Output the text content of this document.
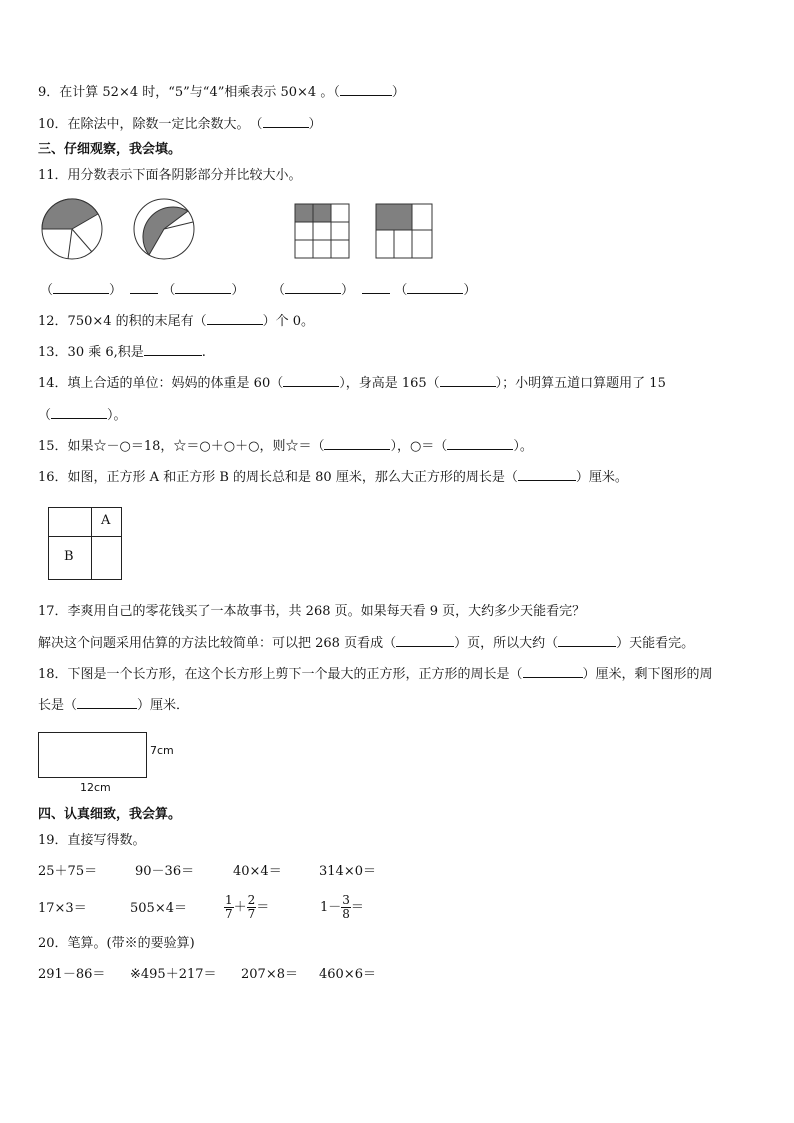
9．在计算 52×4 时，“5”与“4”相乘表示 50×4 。（	）
10．在除法中，除数一定比余数大。　（	）
三、仔细观察，我会填。
11．用分数表示下面各阴影部分并比较大小。
（	）	（	） （	）	（	）
12．750×4 的积的末尾有（	）个 0。
13．30 乘 6,积是	.
14．填上合适的单位：妈妈的体重是 60（	），身高是 165（	）；小明算五道口算题用了 15
（	）。
15．如果☆－○＝18，☆＝○＋○＋○，则☆＝（	），○＝（	）。
16．如图，正方形 A 和正方形 B 的周长总和是 80 厘米，那么大正方形的周长是（	）厘米。
A
B
17．李爽用自己的零花钱买了一本故事书，共 268 页。如果每天看 9 页，大约多少天能看完？
解决这个问题采用估算的方法比较简单：可以把 268 页看成（	）页，所以大约（	）天能看完。
18．下图是一个长方形，在这个长方形上剪下一个最大的正方形，正方形的周长是（	）厘米，剩下图形的周
长是（	）厘米．
7cm
12cm
四、认真细致，我会算。
19．直接写得数。
25＋75＝	90－36＝	40×4＝	314×0＝
17×3＝	505×4＝	$\frac{1}{7} + \frac{2}{7}$ ＝	$1- \frac{3}{8}$ ＝
20．笔算。(带※的要验算)
291－86＝ ※495＋217＝ 207×8＝ 460×6＝
